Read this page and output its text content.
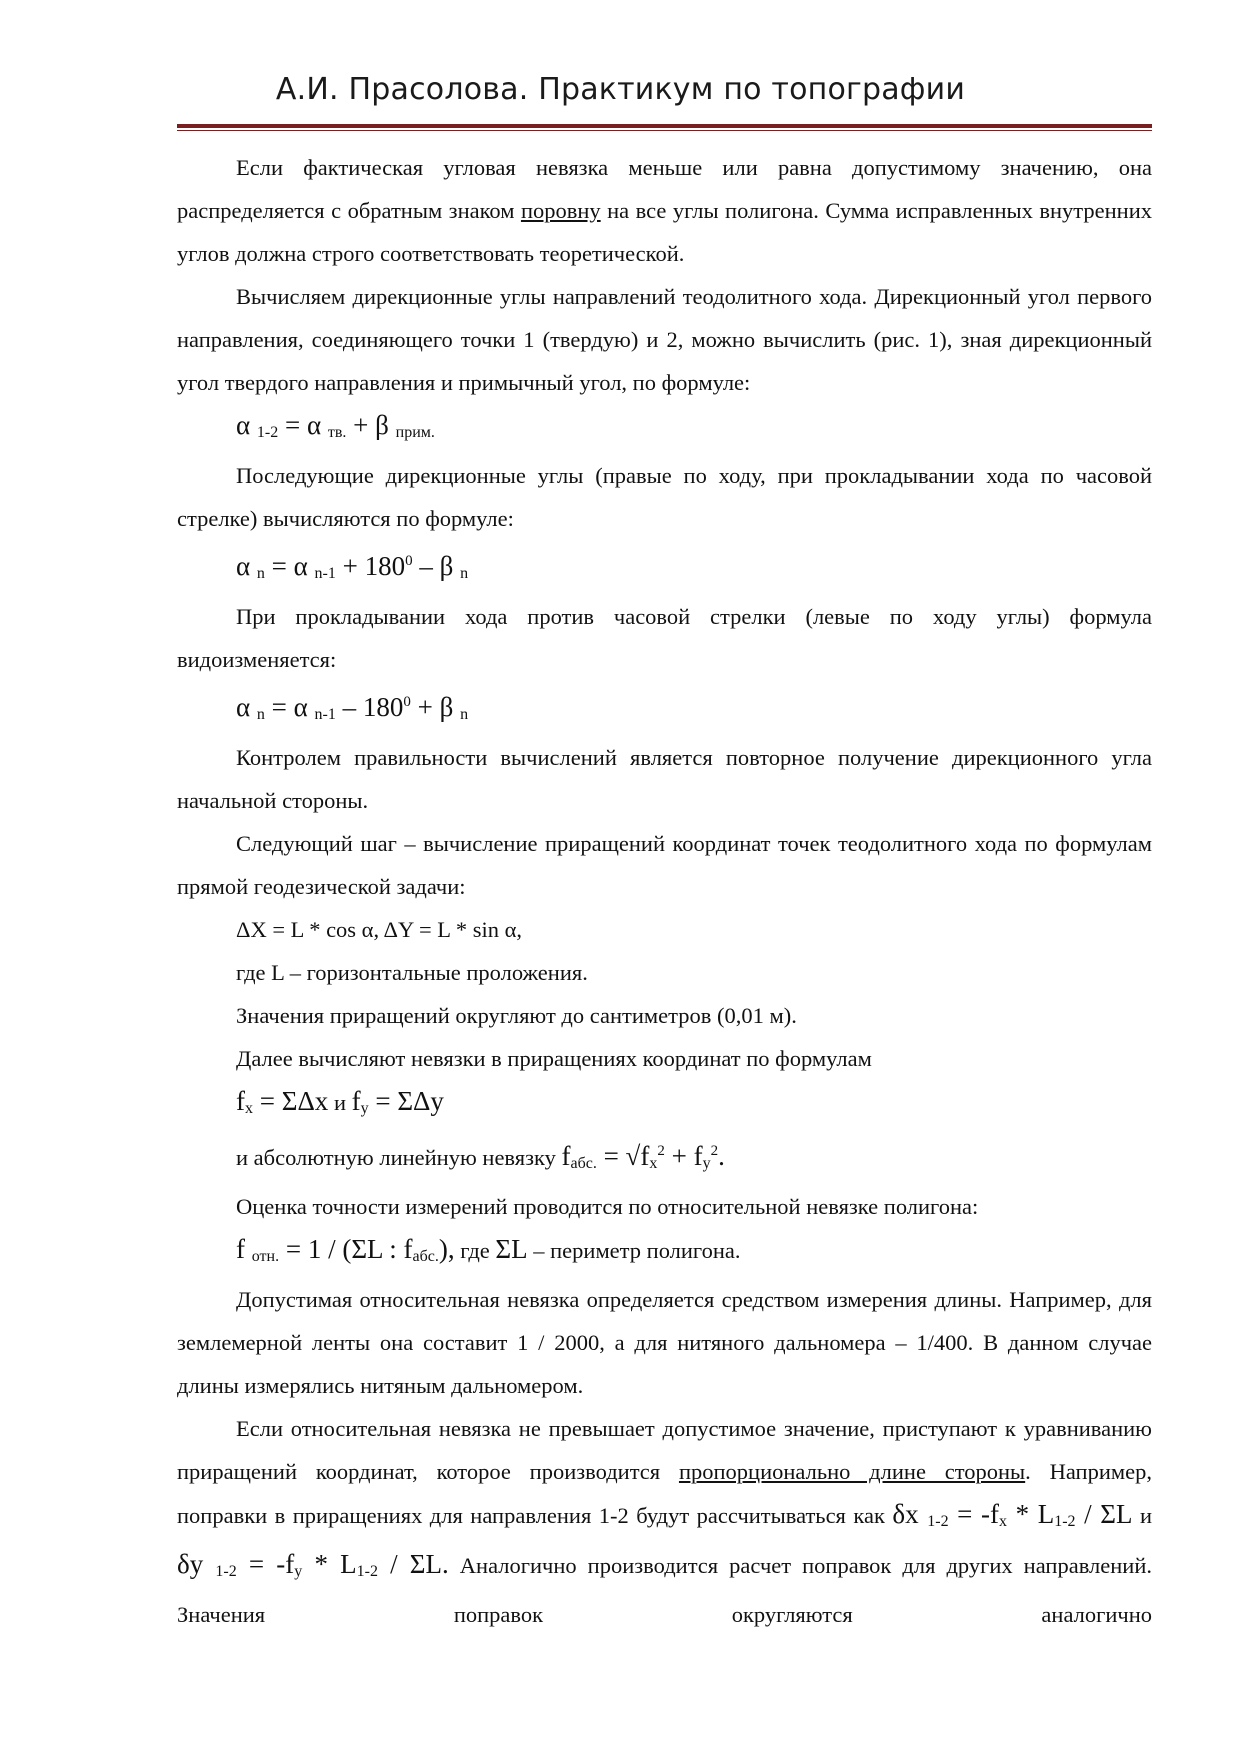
А.И. Прасолова. Практикум по топографии

Если фактическая угловая невязка меньше или равна допустимому значению, она распределяется с обратным знаком поровну на все углы полигона. Сумма исправленных внутренних углов должна строго соответствовать теоретической.

Вычисляем дирекционные углы направлений теодолитного хода. Дирекционный угол первого направления, соединяющего точки 1 (твердую) и 2, можно вычислить (рис. 1), зная дирекционный угол твердого направления и примычный угол, по формуле:

α 1-2 = α тв. + β прим.

Последующие дирекционные углы (правые по ходу, при прокладывании хода по часовой стрелке) вычисляются по формуле:

α n = α $n-1 + 180^0 - \beta$ n

При прокладывании хода против часовой стрелки (левые по ходу углы) формула видоизменяется:

α n = α $n-1 - 180^0 + \beta$ n

Контролем правильности вычислений является повторное получение дирекционного угла начальной стороны.

Следующий шаг – вычисление приращений координат точек теодолитного хода по формулам прямой геодезической задачи:

ΔX = L * cos α, ΔY = L * sin α,

где L – горизонтальные проложения.

Значения приращений округляют до сантиметров (0,01 м).

Далее вычисляют невязки в приращениях координат по формулам

fx = ΣΔx и fy = ΣΔy

и абсолютную линейную невязку fабс. = $√fx^2 + fy^2$.

Оценка точности измерений проводится по относительной невязке полигона:

f отн. = 1 / (ΣL : fабс.), где ΣL – периметр полигона.

Допустимая относительная невязка определяется средством измерения длины. Например, для землемерной ленты она составит 1 / 2000, а для нитяного дальномера – 1/400. В данном случае длины измерялись нитяным дальномером.

Если относительная невязка не превышает допустимое значение, приступают к уравниванию приращений координат, которое производится пропорционально длине стороны. Например, поправки в приращениях для направления 1-2 будут рассчитываться как δx 1-2 = -fx * L1-2 / ΣL и δy 1-2 = -fy * L1-2 / ΣL. Аналогично производится расчет поправок для других направлений. Значения поправок округляются аналогично
